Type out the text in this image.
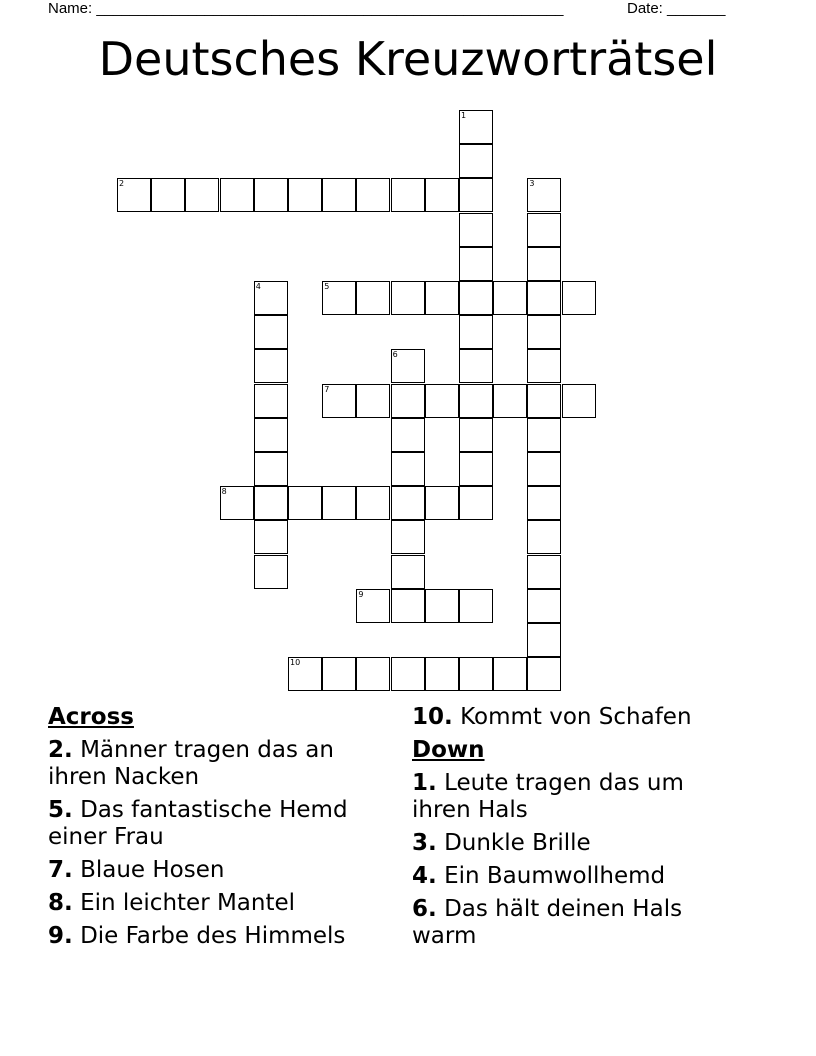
Name: ________________________________________________________	Date: _______
Deutsches Kreuzworträtsel
1
2	3
4	5
6
7
8
9
10
Across
2. Männer tragen das an ihren Nacken
5. Das fantastische Hemd einer Frau
7. Blaue Hosen
8. Ein leichter Mantel
9. Die Farbe des Himmels
10. Kommt von Schafen
Down
1. Leute tragen das um ihren Hals
3. Dunkle Brille
4. Ein Baumwollhemd
6. Das hält deinen Hals warm
